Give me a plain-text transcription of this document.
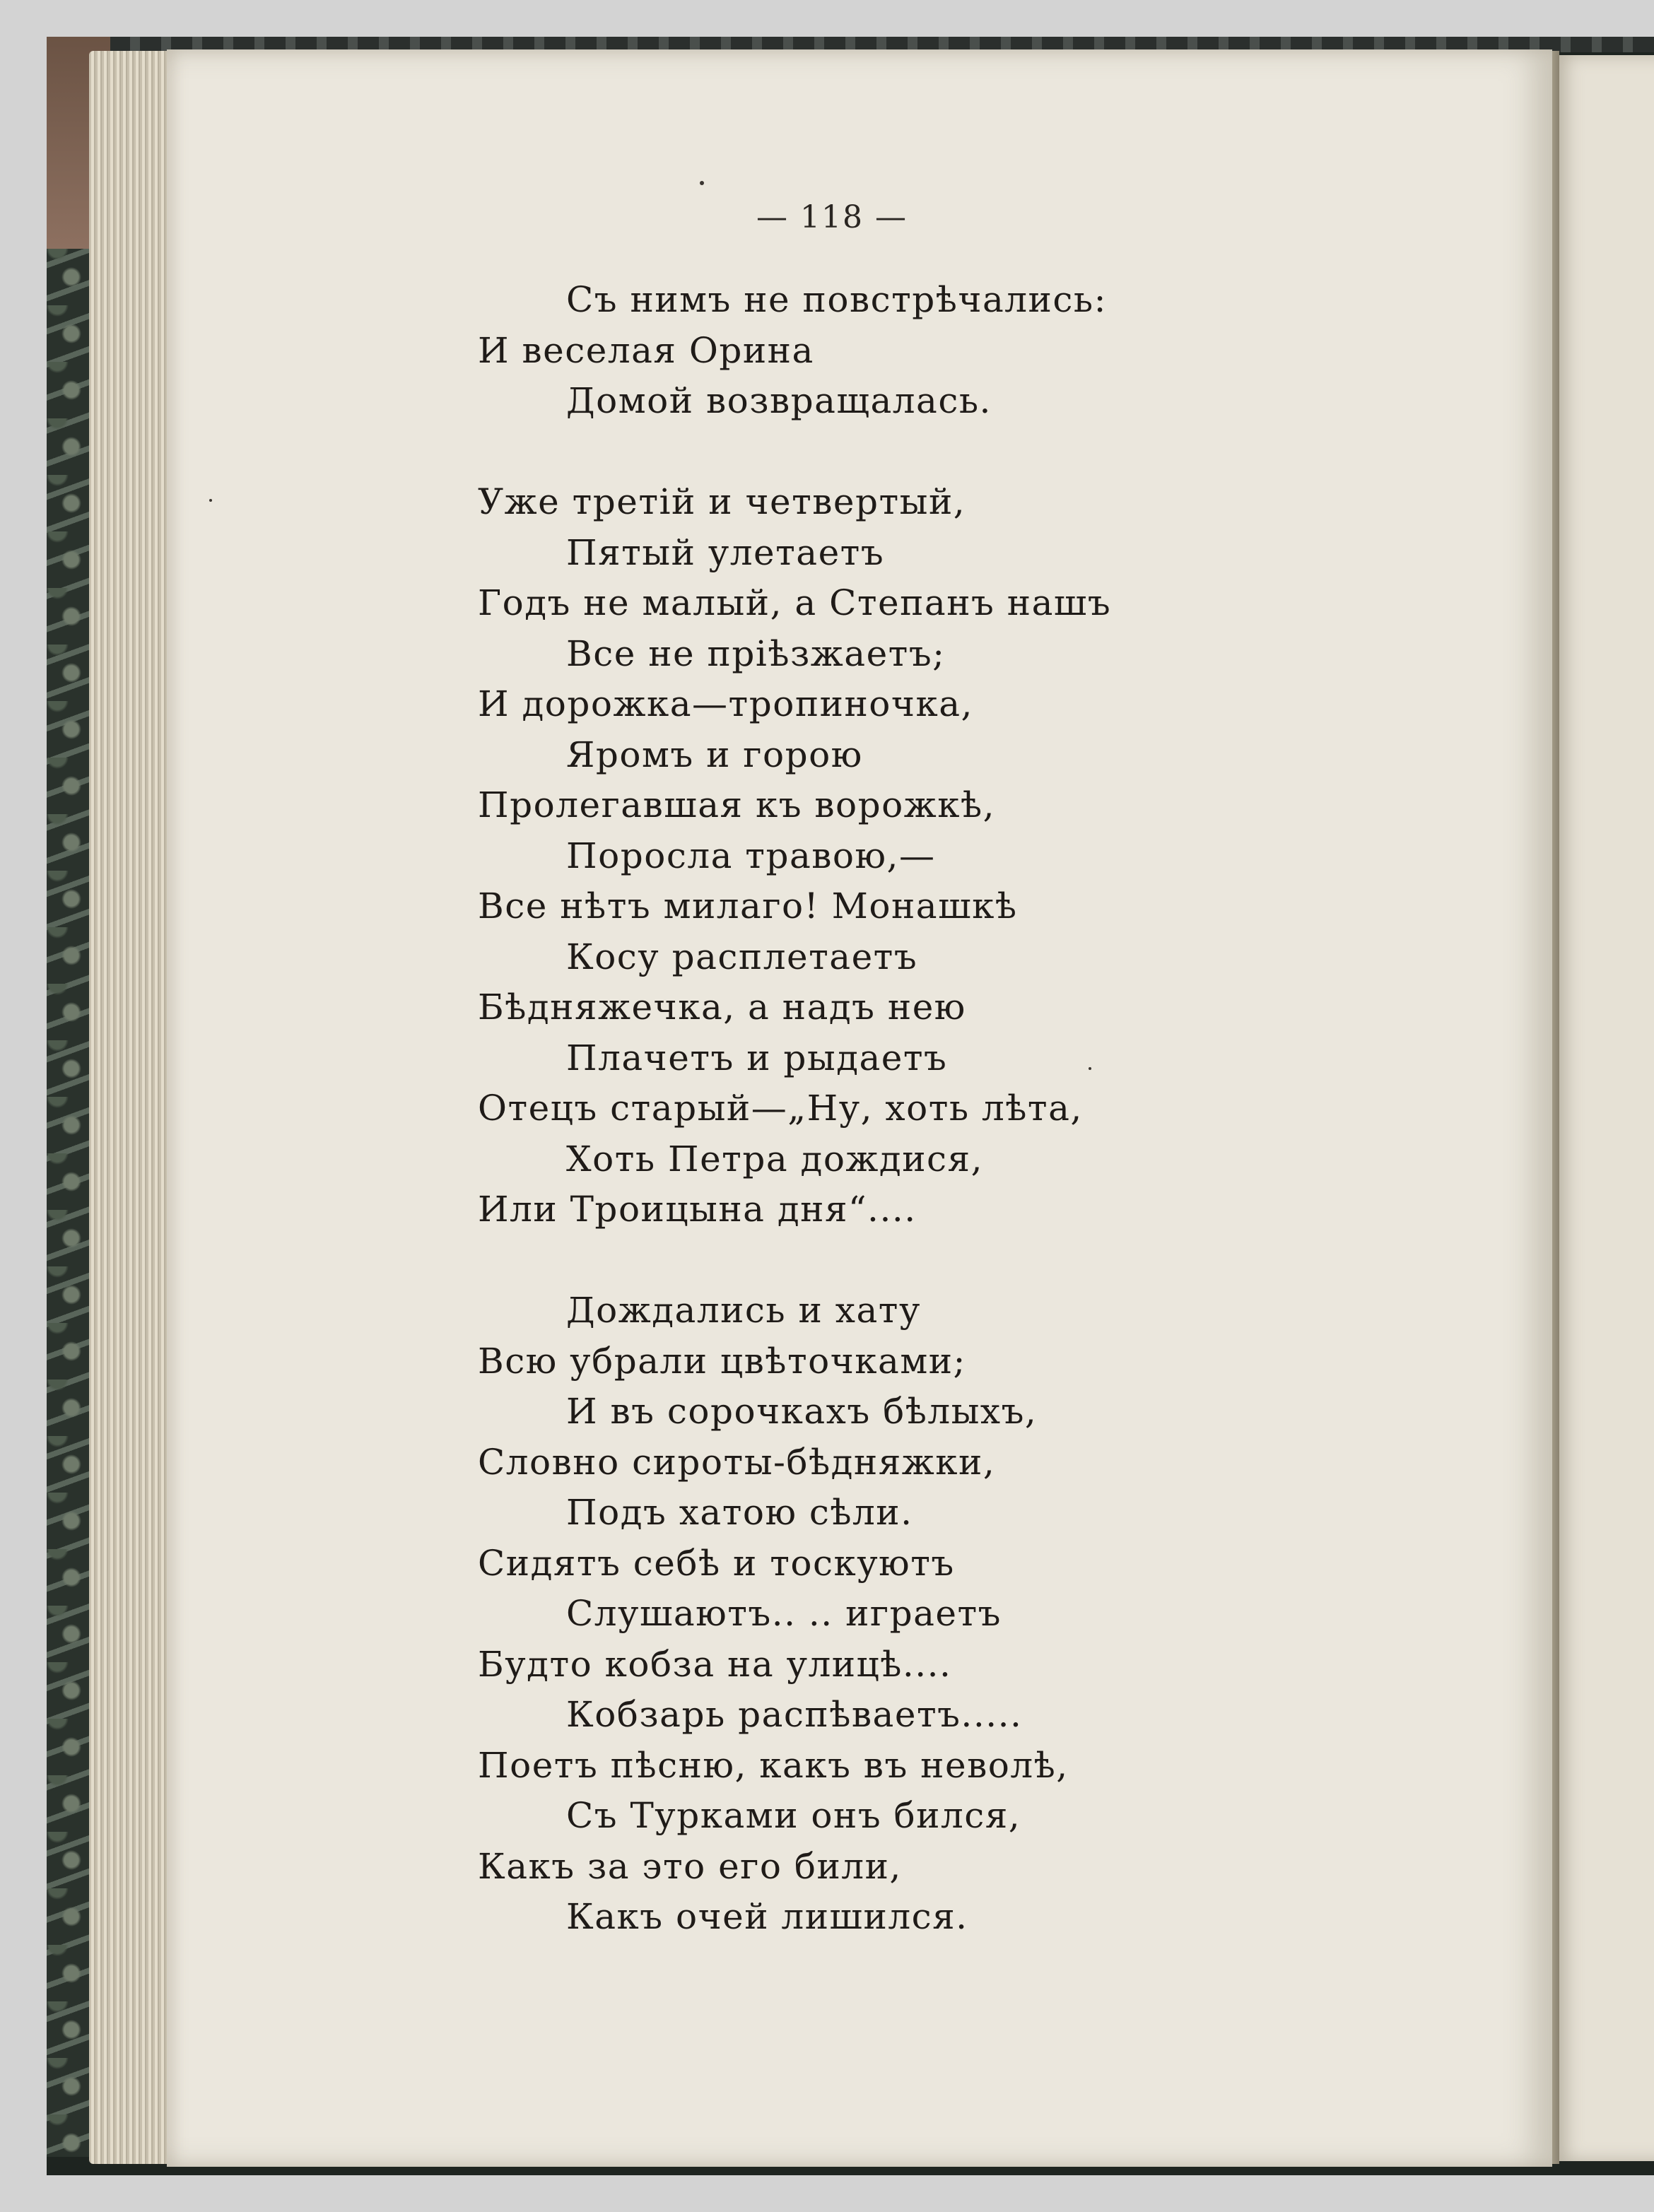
— 118 —
Съ нимъ не повстрѣчались:
И веселая Орина
Домой возвращалась.
Уже третій и четвертый,
Пятый улетаетъ
Годъ не малый, а Степанъ нашъ
Все не пріѣзжаетъ;
И дорожка—тропиночка,
Яромъ и горою
Пролегавшая къ ворожкѣ,
Поросла травою,—
Все нѣтъ милаго! Монашкѣ
Косу расплетаетъ
Бѣдняжечка, а надъ нею
Плачетъ и рыдаетъ
Отецъ старый—„Ну, хоть лѣта,
Хоть Петра дождися,
Или Троицына дня“....
Дождались и хату
Всю убрали цвѣточками;
И въ сорочкахъ бѣлыхъ,
Словно сироты-бѣдняжки,
Подъ хатою сѣли.
Сидятъ себѣ и тоскуютъ
Слушаютъ.. .. играетъ
Будто кобза на улицѣ....
Кобзарь распѣваетъ.....
Поетъ пѣсню, какъ въ неволѣ,
Съ Турками онъ бился,
Какъ за это его били,
Какъ очей лишился.
